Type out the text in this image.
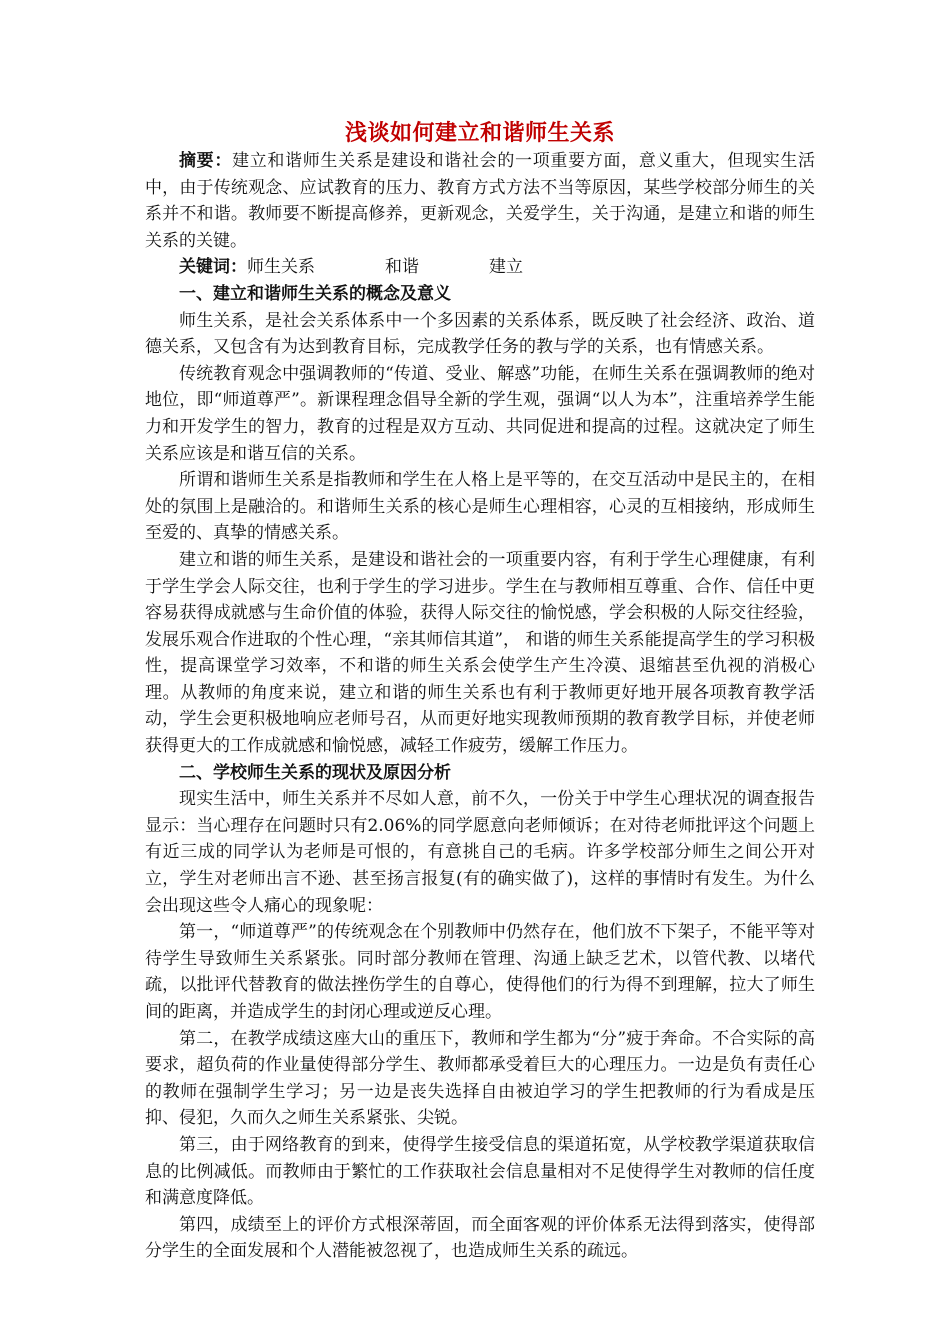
浅谈如何建立和谐师生关系

摘要：建立和谐师生关系是建设和谐社会的一项重要方面，意义重大，但现实生活中，由于传统观念、应试教育的压力、教育方式方法不当等原因，某些学校部分师生的关系并不和谐。教师要不断提高修养，更新观念，关爱学生，关于沟通，是建立和谐的师生关系的关键。

关键词：师生关系	和谐	建立

一、建立和谐师生关系的概念及意义

师生关系，是社会关系体系中一个多因素的关系体系，既反映了社会经济、政治、道德关系，又包含有为达到教育目标，完成教学任务的教与学的关系，也有情感关系。

传统教育观念中强调教师的“传道、受业、解惑”功能，在师生关系在强调教师的绝对地位，即“师道尊严”。新课程理念倡导全新的学生观，强调“以人为本”，注重培养学生能力和开发学生的智力，教育的过程是双方互动、共同促进和提高的过程。这就决定了师生关系应该是和谐互信的关系。

所谓和谐师生关系是指教师和学生在人格上是平等的，在交互活动中是民主的，在相处的氛围上是融洽的。和谐师生关系的核心是师生心理相容，心灵的互相接纳，形成师生至爱的、真挚的情感关系。

建立和谐的师生关系，是建设和谐社会的一项重要内容，有利于学生心理健康，有利于学生学会人际交往，也利于学生的学习进步。学生在与教师相互尊重、合作、信任中更容易获得成就感与生命价值的体验，获得人际交往的愉悦感，学会积极的人际交往经验，发展乐观合作进取的个性心理，“亲其师信其道”， 和谐的师生关系能提高学生的学习积极性，提高课堂学习效率，不和谐的师生关系会使学生产生冷漠、退缩甚至仇视的消极心理。从教师的角度来说，建立和谐的师生关系也有利于教师更好地开展各项教育教学活动，学生会更积极地响应老师号召，从而更好地实现教师预期的教育教学目标，并使老师获得更大的工作成就感和愉悦感，减轻工作疲劳，缓解工作压力。

二、学校师生关系的现状及原因分析

现实生活中，师生关系并不尽如人意，前不久，一份关于中学生心理状况的调查报告显示：当心理存在问题时只有2.06%的同学愿意向老师倾诉；在对待老师批评这个问题上有近三成的同学认为老师是可恨的，有意挑自己的毛病。许多学校部分师生之间公开对立，学生对老师出言不逊、甚至扬言报复(有的确实做了)，这样的事情时有发生。为什么会出现这些令人痛心的现象呢：

第一，“师道尊严”的传统观念在个别教师中仍然存在，他们放不下架子，不能平等对待学生导致师生关系紧张。同时部分教师在管理、沟通上缺乏艺术，以管代教、以堵代疏，以批评代替教育的做法挫伤学生的自尊心，使得他们的行为得不到理解，拉大了师生间的距离，并造成学生的封闭心理或逆反心理。

第二，在教学成绩这座大山的重压下，教师和学生都为“分”疲于奔命。不合实际的高要求，超负荷的作业量使得部分学生、教师都承受着巨大的心理压力。一边是负有责任心的教师在强制学生学习；另一边是丧失选择自由被迫学习的学生把教师的行为看成是压抑、侵犯，久而久之师生关系紧张、尖锐。

第三，由于网络教育的到来，使得学生接受信息的渠道拓宽，从学校教学渠道获取信息的比例减低。而教师由于繁忙的工作获取社会信息量相对不足使得学生对教师的信任度和满意度降低。

第四，成绩至上的评价方式根深蒂固，而全面客观的评价体系无法得到落实，使得部分学生的全面发展和个人潜能被忽视了，也造成师生关系的疏远。
